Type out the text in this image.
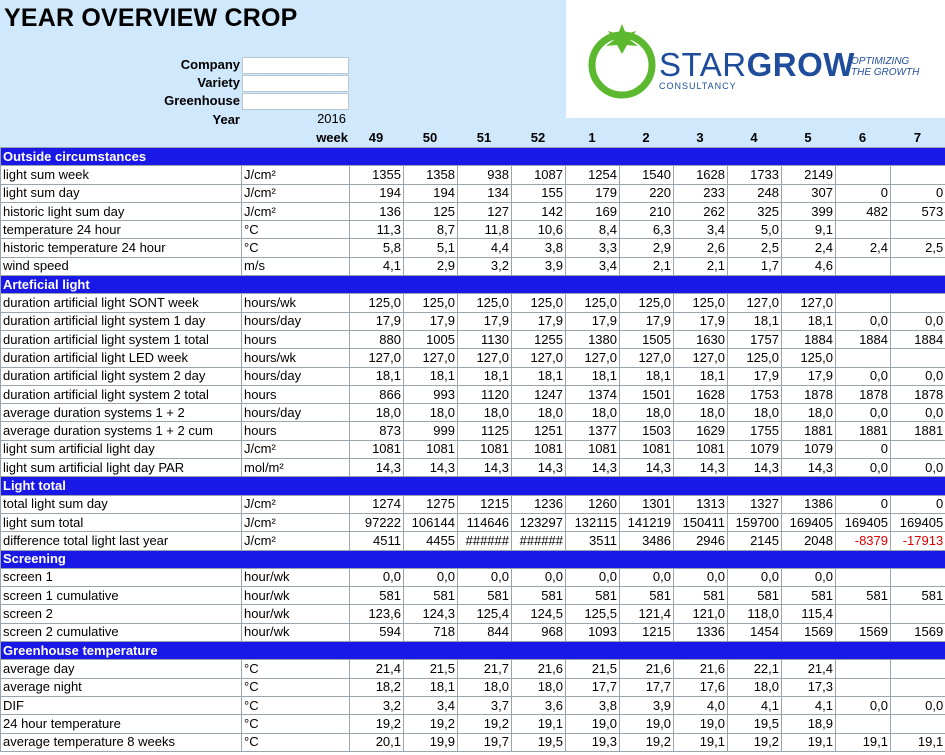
YEAR OVERVIEW CROP
Company
Variety
Greenhouse
Year	2016
STARGROW
CONSULTANCY
OPTIMIZING
THE GROWTH
week	49	50	51	52	1	2	3	4	5	6	7
Outside circumstances												
light sum week	J/cm²	1355	1358	938	1087	1254	1540	1628	1733	2149		
light sum day	J/cm²	194	194	134	155	179	220	233	248	307	0	0
historic light sum day	J/cm²	136	125	127	142	169	210	262	325	399	482	573
temperature 24 hour	°C	11,3	8,7	11,8	10,6	8,4	6,3	3,4	5,0	9,1		
historic temperature 24 hour	°C	5,8	5,1	4,4	3,8	3,3	2,9	2,6	2,5	2,4	2,4	2,5
wind speed	m/s	4,1	2,9	3,2	3,9	3,4	2,1	2,1	1,7	4,6		
Arteficial light												
duration artificial light SONT week	hours/wk	125,0	125,0	125,0	125,0	125,0	125,0	125,0	127,0	127,0		
duration artificial light system 1 day	hours/day	17,9	17,9	17,9	17,9	17,9	17,9	17,9	18,1	18,1	0,0	0,0
duration artificial light system 1 total	hours	880	1005	1130	1255	1380	1505	1630	1757	1884	1884	1884
duration artificial light LED week	hours/wk	127,0	127,0	127,0	127,0	127,0	127,0	127,0	125,0	125,0		
duration artificial light system 2 day	hours/day	18,1	18,1	18,1	18,1	18,1	18,1	18,1	17,9	17,9	0,0	0,0
duration artificial light system 2 total	hours	866	993	1120	1247	1374	1501	1628	1753	1878	1878	1878
average duration systems 1 + 2	hours/day	18,0	18,0	18,0	18,0	18,0	18,0	18,0	18,0	18,0	0,0	0,0
average duration systems 1 + 2 cum	hours	873	999	1125	1251	1377	1503	1629	1755	1881	1881	1881
light sum artificial light day	J/cm²	1081	1081	1081	1081	1081	1081	1081	1079	1079	0	
light sum artificial light day PAR	mol/m²	14,3	14,3	14,3	14,3	14,3	14,3	14,3	14,3	14,3	0,0	0,0
Light total												
total light sum day	J/cm²	1274	1275	1215	1236	1260	1301	1313	1327	1386	0	0
light sum total	J/cm²	97222	106144	114646	123297	132115	141219	150411	159700	169405	169405	169405
difference total light last year	J/cm²	4511	4455	######	######	3511	3486	2946	2145	2048	-8379	-17913
Screening												
screen 1	hour/wk	0,0	0,0	0,0	0,0	0,0	0,0	0,0	0,0	0,0		
screen 1 cumulative	hour/wk	581	581	581	581	581	581	581	581	581	581	581
screen 2	hour/wk	123,6	124,3	125,4	124,5	125,5	121,4	121,0	118,0	115,4		
screen 2 cumulative	hour/wk	594	718	844	968	1093	1215	1336	1454	1569	1569	1569
Greenhouse temperature												
average day	°C	21,4	21,5	21,7	21,6	21,5	21,6	21,6	22,1	21,4		
average night	°C	18,2	18,1	18,0	18,0	17,7	17,7	17,6	18,0	17,3		
DIF	°C	3,2	3,4	3,7	3,6	3,8	3,9	4,0	4,1	4,1	0,0	0,0
24 hour temperature	°C	19,2	19,2	19,2	19,1	19,0	19,0	19,0	19,5	18,9		
average temperature 8 weeks	°C	20,1	19,9	19,7	19,5	19,3	19,2	19,1	19,2	19,1	19,1	19,1
